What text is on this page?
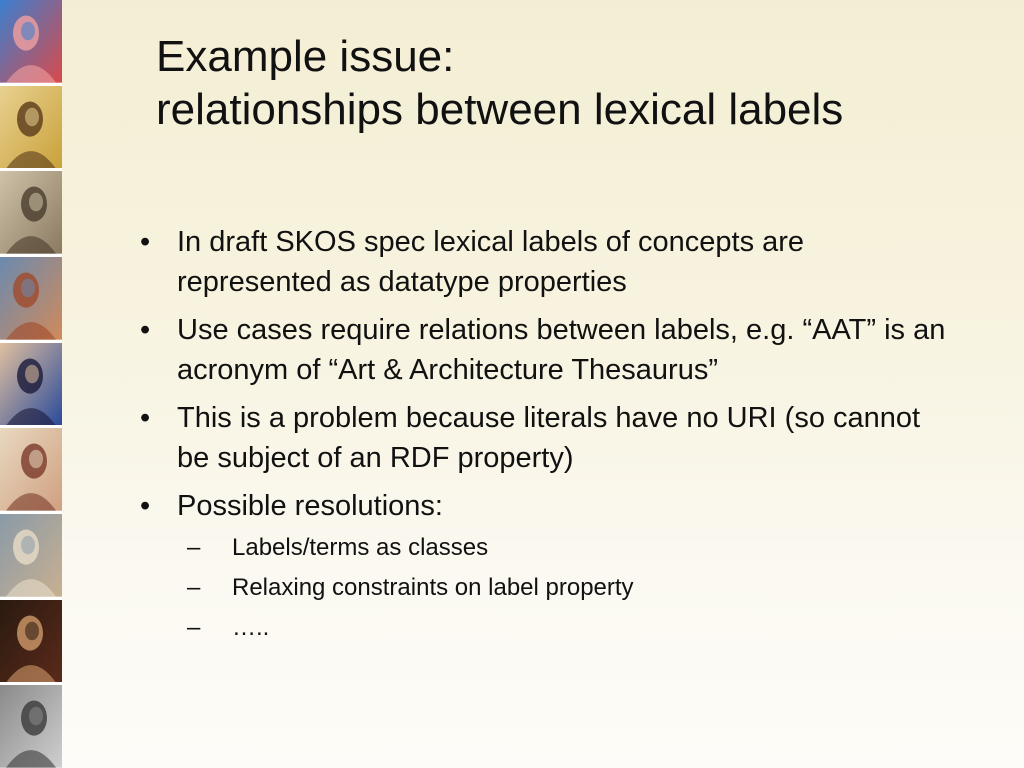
Example issue:
relationships between lexical labels
• In draft SKOS spec lexical labels of concepts are represented as datatype properties
• Use cases require relations between labels, e.g. “AAT” is an acronym of “Art & Architecture Thesaurus”
• This is a problem because literals have no URI (so cannot be subject of an RDF property)
• Possible resolutions:
– Labels/terms as classes
– Relaxing constraints on label property
– …..
